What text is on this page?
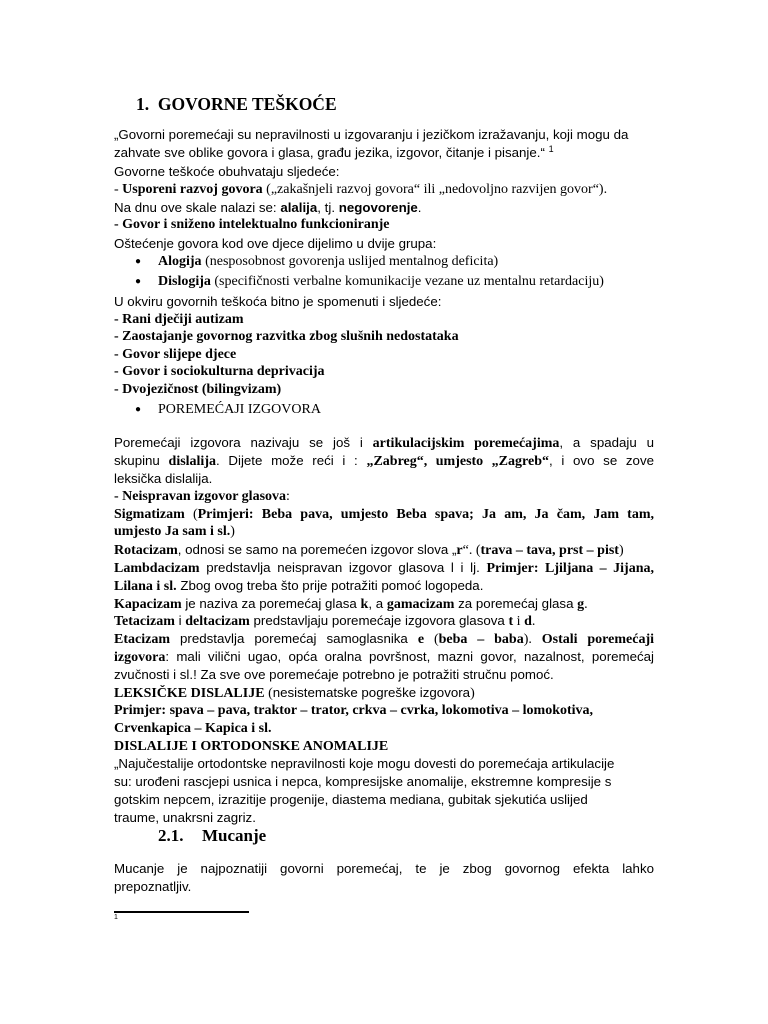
1. GOVORNE TEŠKOĆE
„Govorni poremećaji su nepravilnosti u izgovaranju i jezičkom izražavanju, koji mogu da
zahvate sve oblike govora i glasa, građu jezika, izgovor, čitanje i pisanje.“ $^1$
Govorne teškoće obuhvataju sljedeće:
- Usporeni razvoj govora („zakašnjeli razvoj govora“ ili „nedovoljno razvijen govor“).
Na dnu ove skale nalazi se: alalija, tj. negovorenje.
- Govor i sniženo intelektualno funkcioniranje
Oštećenje govora kod ove djece dijelimo u dvije grupa:
● Alogija (nesposobnost govorenja uslijed mentalnog deficita)
● Dislogija (specifičnosti verbalne komunikacije vezane uz mentalnu retardaciju)
U okviru govornih teškoća bitno je spomenuti i sljedeće:
- Rani dječiji autizam
- Zaostajanje govornog razvitka zbog slušnih nedostataka
- Govor slijepe djece
- Govor i sociokulturna deprivacija
- Dvojezičnost (bilingvizam)
● POREMEĆAJI IZGOVORA
Poremećaji izgovora nazivaju se još i artikulacijskim poremećajima, a spadaju u
skupinu dislalija. Dijete može reći i : „Zabreg“, umjesto „Zagreb“, i ovo se zove
leksička dislalija.
- Neispravan izgovor glasova:
Sigmatizam (Primjeri: Beba pava, umjesto Beba spava; Ja am, Ja čam, Jam tam,
umjesto Ja sam i sl.)
Rotacizam, odnosi se samo na poremećen izgovor slova „r“. (trava – tava, prst – pist)
Lambdacizam predstavlja neispravan izgovor glasova l i lj. Primjer: Ljiljana – Jijana,
Lilana i sl. Zbog ovog treba što prije potražiti pomoć logopeda.
Kapacizam je naziva za poremećaj glasa k, a gamacizam za poremećaj glasa g.
Tetacizam i deltacizam predstavljaju poremećaje izgovora glasova t i d.
Etacizam predstavlja poremećaj samoglasnika e (beba – baba). Ostali poremećaji
izgovora: mali vilični ugao, opća oralna površnost, mazni govor, nazalnost, poremećaj
zvučnosti i sl.! Za sve ove poremećaje potrebno je potražiti stručnu pomoć.
LEKSIČKE DISLALIJE (nesistematske pogreške izgovora)
Primjer: spava – pava, traktor – trator, crkva – cvrka, lokomotiva – lomokotiva,
Crvenkapica – Kapica i sl.
DISLALIJE I ORTODONSKE ANOMALIJE
„Najučestalije ortodontske nepravilnosti koje mogu dovesti do poremećaja artikulacije
su: urođeni rascjepi usnica i nepca, kompresijske anomalije, ekstremne kompresije s
gotskim nepcem, izrazitije progenije, diastema mediana, gubitak sjekutića uslijed
traume, unakrsni zagriz.
2.1. Mucanje
Mucanje je najpoznatiji govorni poremećaj, te je zbog govornog efekta lahko
prepoznatljiv.
1
